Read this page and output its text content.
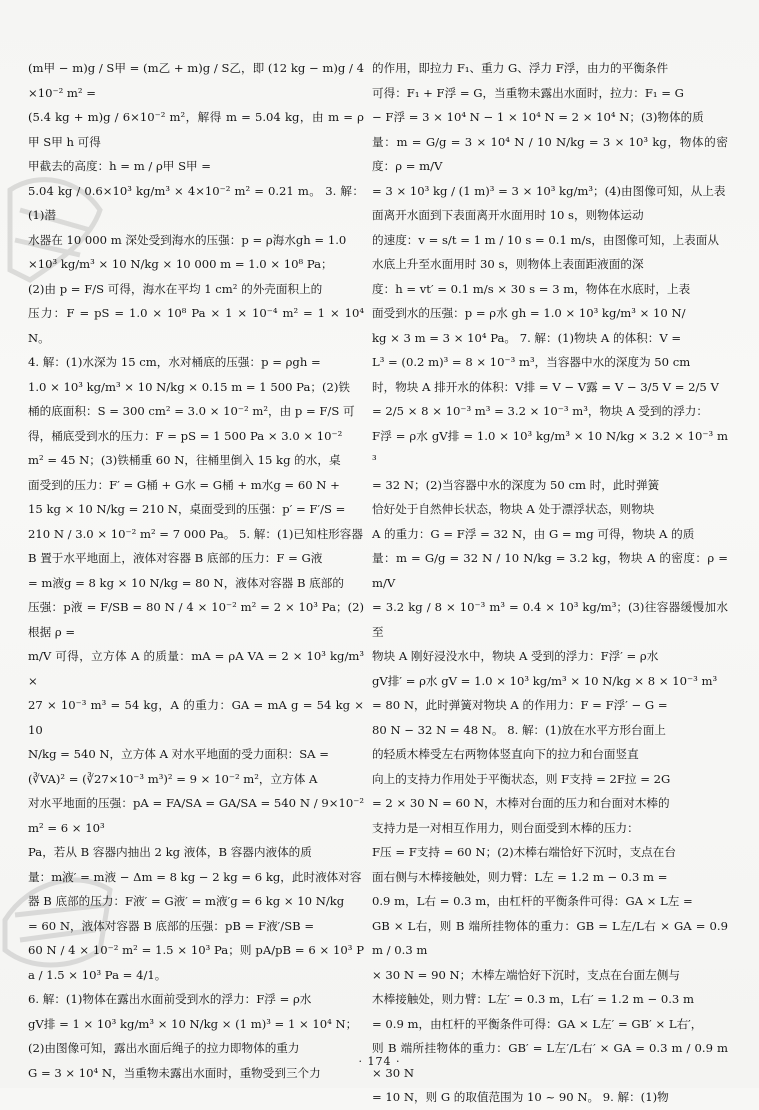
(m甲 − m)g / S甲 = (m乙 + m)g / S乙，即 (12 kg − m)g / 4×10⁻² m² =

(5.4 kg + m)g / 6×10⁻² m²，解得 m = 5.04 kg，由 m = ρ甲 S甲 h 可得

甲截去的高度：h = m / ρ甲 S甲 =

5.04 kg / 0.6×10³ kg/m³ × 4×10⁻² m² = 0.21 m。 3. 解：(1)潜

水器在 10 000 m 深处受到海水的压强：p = ρ海水gh = 1.0

×10³ kg/m³ × 10 N/kg × 10 000 m = 1.0 × 10⁸ Pa；

(2)由 p = F/S 可得，海水在平均 1 cm² 的外壳面积上的

压力：F = pS = 1.0 × 10⁸ Pa × 1 × 10⁻⁴ m² = 1 × 10⁴ N。

4. 解：(1)水深为 15 cm，水对桶底的压强：p = ρgh =

1.0 × 10³ kg/m³ × 10 N/kg × 0.15 m = 1 500 Pa；(2)铁

桶的底面积：S = 300 cm² = 3.0 × 10⁻² m²，由 p = F/S 可

得，桶底受到水的压力：F = pS = 1 500 Pa × 3.0 × 10⁻²

m² = 45 N；(3)铁桶重 60 N，往桶里倒入 15 kg 的水，桌

面受到的压力：F′ = G桶 + G水 = G桶 + m水g = 60 N +

15 kg × 10 N/kg = 210 N，桌面受到的压强：p′ = F′/S =

210 N / 3.0 × 10⁻² m² = 7 000 Pa。 5. 解：(1)已知柱形容器

B 置于水平地面上，液体对容器 B 底部的压力：F = G液

= m液g = 8 kg × 10 N/kg = 80 N，液体对容器 B 底部的

压强：p液 = F/SB = 80 N / 4 × 10⁻² m² = 2 × 10³ Pa；(2)根据 ρ =

m/V 可得，立方体 A 的质量：mA = ρA VA = 2 × 10³ kg/m³ ×

27 × 10⁻³ m³ = 54 kg，A 的重力：GA = mA g = 54 kg × 10

N/kg = 540 N，立方体 A 对水平地面的受力面积：SA =

(∛VA)² = (∛27×10⁻³ m³)² = 9 × 10⁻² m²，立方体 A

对水平地面的压强：pA = FA/SA = GA/SA = 540 N / 9×10⁻² m² = 6 × 10³

Pa，若从 B 容器内抽出 2 kg 液体，B 容器内液体的质

量：m液′ = m液 − Δm = 8 kg − 2 kg = 6 kg，此时液体对容

器 B 底部的压力：F液′ = G液′ = m液′g = 6 kg × 10 N/kg

= 60 N，液体对容器 B 底部的压强：pB = F液′/SB =

60 N / 4 × 10⁻² m² = 1.5 × 10³ Pa；则 pA/pB = 6 × 10³ Pa / 1.5 × 10³ Pa = 4/1。

6. 解：(1)物体在露出水面前受到水的浮力：F浮 = ρ水

gV排 = 1 × 10³ kg/m³ × 10 N/kg × (1 m)³ = 1 × 10⁴ N；

(2)由图像可知，露出水面后绳子的拉力即物体的重力

G = 3 × 10⁴ N，当重物未露出水面时，重物受到三个力

的作用，即拉力 F₁、重力 G、浮力 F浮，由力的平衡条件

可得：F₁ + F浮 = G，当重物未露出水面时，拉力：F₁ = G

− F浮 = 3 × 10⁴ N − 1 × 10⁴ N = 2 × 10⁴ N；(3)物体的质

量：m = G/g = 3 × 10⁴ N / 10 N/kg = 3 × 10³ kg，物体的密度：ρ = m/V

= 3 × 10³ kg / (1 m)³ = 3 × 10³ kg/m³；(4)由图像可知，从上表

面离开水面到下表面离开水面用时 10 s，则物体运动

的速度：v = s/t = 1 m / 10 s = 0.1 m/s，由图像可知，上表面从

水底上升至水面用时 30 s，则物体上表面距液面的深

度：h = vt′ = 0.1 m/s × 30 s = 3 m，物体在水底时，上表

面受到水的压强：p = ρ水 gh = 1.0 × 10³ kg/m³ × 10 N/

kg × 3 m = 3 × 10⁴ Pa。 7. 解：(1)物块 A 的体积：V =

L³ = (0.2 m)³ = 8 × 10⁻³ m³，当容器中水的深度为 50 cm

时，物块 A 排开水的体积：V排 = V − V露 = V − 3/5 V = 2/5 V

= 2/5 × 8 × 10⁻³ m³ = 3.2 × 10⁻³ m³，物块 A 受到的浮力：

F浮 = ρ水 gV排 = 1.0 × 10³ kg/m³ × 10 N/kg × 3.2 × 10⁻³ m³

= 32 N；(2)当容器中水的深度为 50 cm 时，此时弹簧

恰好处于自然伸长状态，物块 A 处于漂浮状态，则物块

A 的重力：G = F浮 = 32 N，由 G = mg 可得，物块 A 的质

量：m = G/g = 32 N / 10 N/kg = 3.2 kg，物块 A 的密度：ρ = m/V

= 3.2 kg / 8 × 10⁻³ m³ = 0.4 × 10³ kg/m³；(3)往容器缓慢加水至

物块 A 刚好浸没水中，物块 A 受到的浮力：F浮′ = ρ水

gV排′ = ρ水 gV = 1.0 × 10³ kg/m³ × 10 N/kg × 8 × 10⁻³ m³

= 80 N，此时弹簧对物块 A 的作用力：F = F浮′ − G =

80 N − 32 N = 48 N。 8. 解：(1)放在水平方形台面上

的轻质木棒受左右两物体竖直向下的拉力和台面竖直

向上的支持力作用处于平衡状态，则 F支持 = 2F拉 = 2G

= 2 × 30 N = 60 N，木棒对台面的压力和台面对木棒的

支持力是一对相互作用力，则台面受到木棒的压力：

F压 = F支持 = 60 N；(2)木棒右端恰好下沉时，支点在台

面右侧与木棒接触处，则力臂：L左 = 1.2 m − 0.3 m =

0.9 m，L右 = 0.3 m，由杠杆的平衡条件可得：GA × L左 =

GB × L右，则 B 端所挂物体的重力：GB = L左/L右 × GA = 0.9 m / 0.3 m

× 30 N = 90 N；木棒左端恰好下沉时，支点在台面左侧与

木棒接触处，则力臂：L左′ = 0.3 m，L右′ = 1.2 m − 0.3 m

= 0.9 m，由杠杆的平衡条件可得：GA × L左′ = GB′ × L右′，

则 B 端所挂物体的重力：GB′ = L左′/L右′ × GA = 0.3 m / 0.9 m × 30 N

= 10 N，则 G 的取值范围为 10 ~ 90 N。 9. 解：(1)物

· 174 ·
